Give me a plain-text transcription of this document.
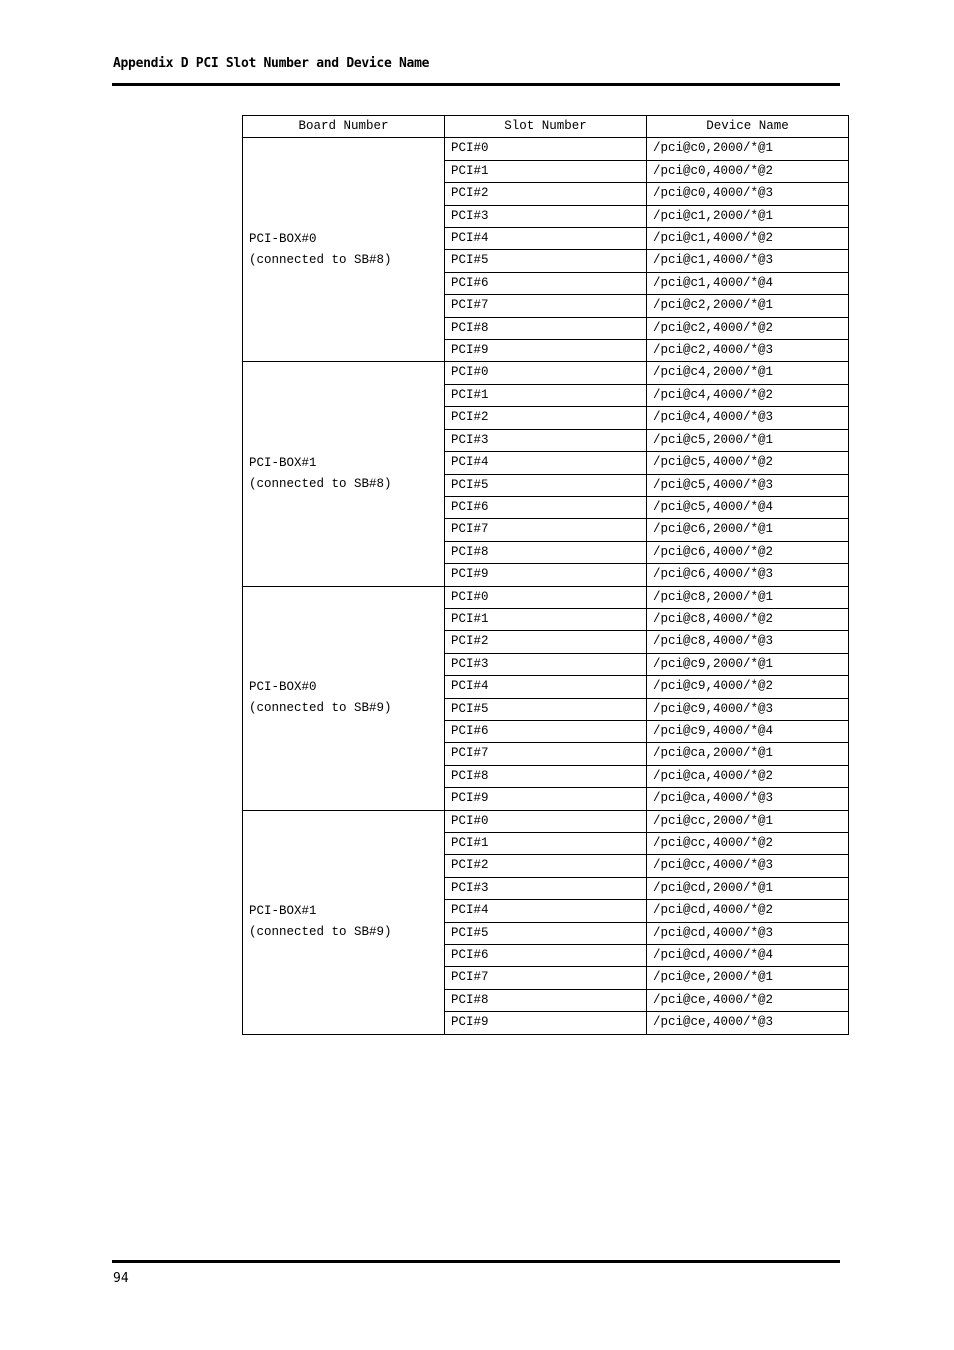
Appendix D PCI Slot Number and Device Name
Board Number	Slot Number	Device Name

PCI-BOX#0
(connected to SB#8)	PCI#0	/pci@c0,2000/*@1
	PCI#1	/pci@c0,4000/*@2
	PCI#2	/pci@c0,4000/*@3
	PCI#3	/pci@c1,2000/*@1
	PCI#4	/pci@c1,4000/*@2
	PCI#5	/pci@c1,4000/*@3
	PCI#6	/pci@c1,4000/*@4
	PCI#7	/pci@c2,2000/*@1
	PCI#8	/pci@c2,4000/*@2
	PCI#9	/pci@c2,4000/*@3

PCI-BOX#1
(connected to SB#8)	PCI#0	/pci@c4,2000/*@1
	PCI#1	/pci@c4,4000/*@2
	PCI#2	/pci@c4,4000/*@3
	PCI#3	/pci@c5,2000/*@1
	PCI#4	/pci@c5,4000/*@2
	PCI#5	/pci@c5,4000/*@3
	PCI#6	/pci@c5,4000/*@4
	PCI#7	/pci@c6,2000/*@1
	PCI#8	/pci@c6,4000/*@2
	PCI#9	/pci@c6,4000/*@3

PCI-BOX#0
(connected to SB#9)	PCI#0	/pci@c8,2000/*@1
	PCI#1	/pci@c8,4000/*@2
	PCI#2	/pci@c8,4000/*@3
	PCI#3	/pci@c9,2000/*@1
	PCI#4	/pci@c9,4000/*@2
	PCI#5	/pci@c9,4000/*@3
	PCI#6	/pci@c9,4000/*@4
	PCI#7	/pci@ca,2000/*@1
	PCI#8	/pci@ca,4000/*@2
	PCI#9	/pci@ca,4000/*@3

PCI-BOX#1
(connected to SB#9)	PCI#0	/pci@cc,2000/*@1
	PCI#1	/pci@cc,4000/*@2
	PCI#2	/pci@cc,4000/*@3
	PCI#3	/pci@cd,2000/*@1
	PCI#4	/pci@cd,4000/*@2
	PCI#5	/pci@cd,4000/*@3
	PCI#6	/pci@cd,4000/*@4
	PCI#7	/pci@ce,2000/*@1
	PCI#8	/pci@ce,4000/*@2
	PCI#9	/pci@ce,4000/*@3
94
